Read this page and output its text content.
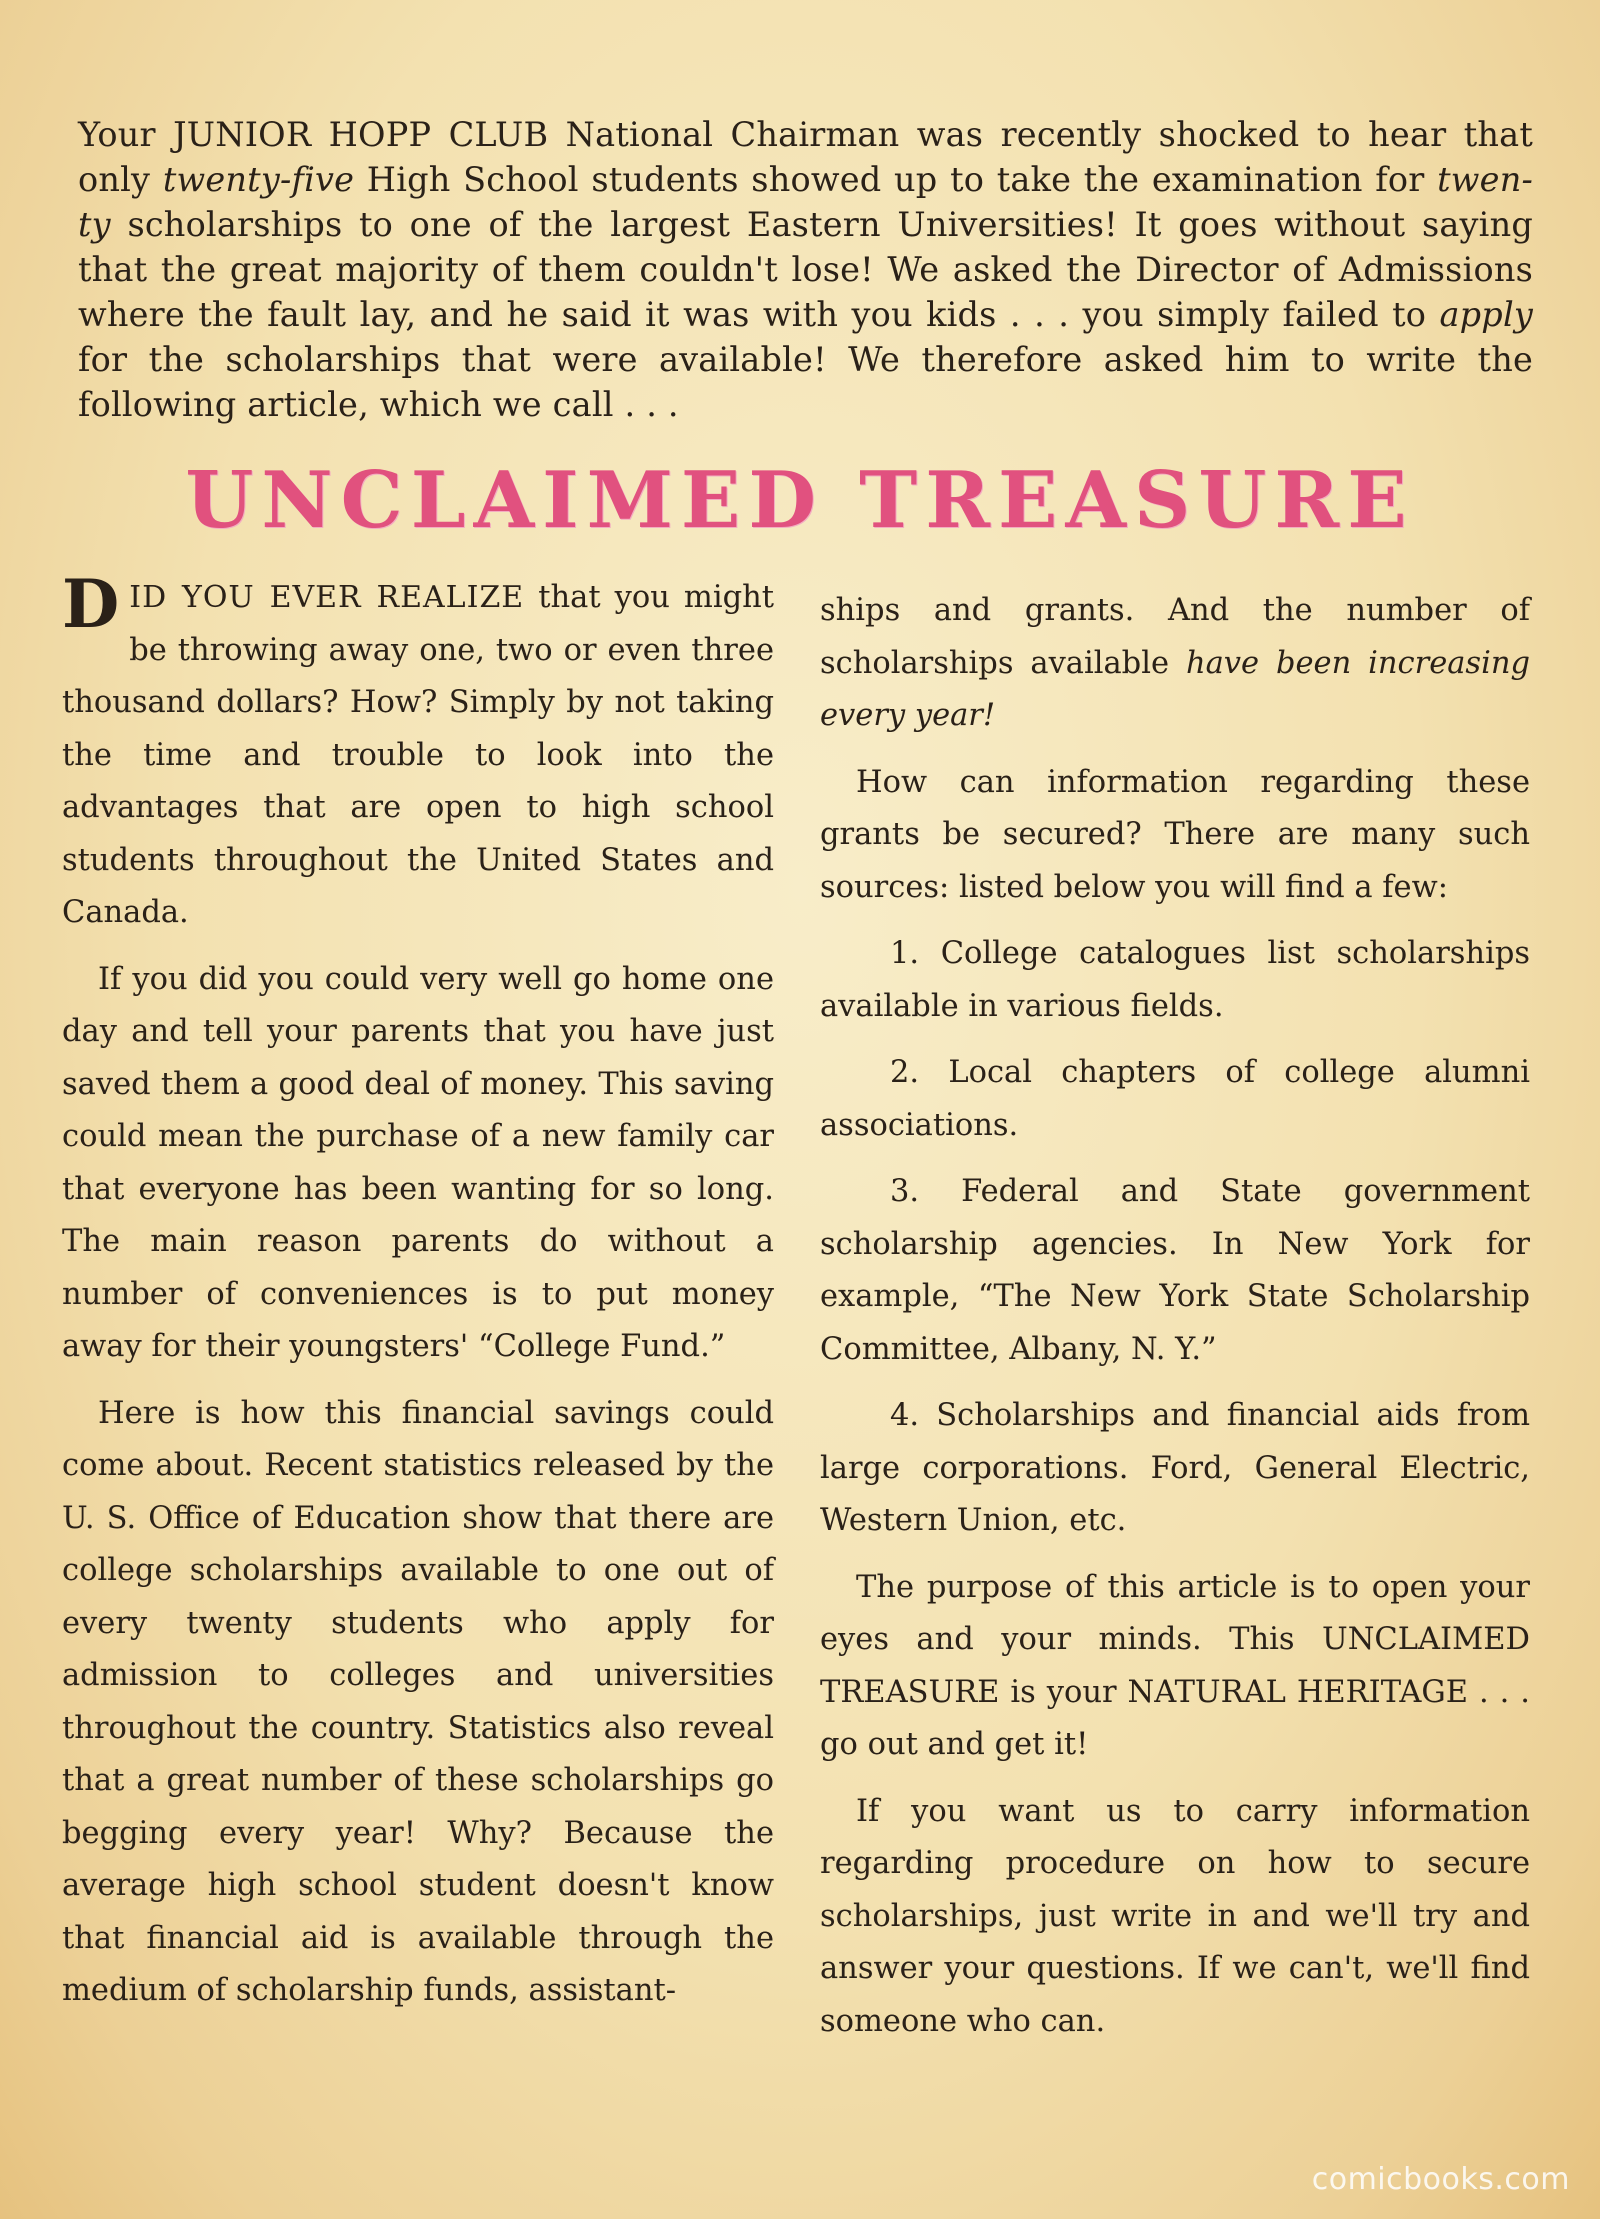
Your JUNIOR HOPP CLUB National Chairman was recently shocked to hear that only twenty-five High School students showed up to take the examination for twen-ty scholarships to one of the largest Eastern Universities! It goes without saying that the great majority of them couldn't lose! We asked the Director of Admissions where the fault lay, and he said it was with you kids . . . you simply failed to apply for the scholarships that were available! We therefore asked him to write the following article, which we call . . .
UNCLAIMED TREASURE

DID YOU EVER REALIZE that you might be throwing away one, two or even three thousand dollars? How? Simply by not taking the time and trouble to look into the advantages that are open to high school students throughout the United States and Canada.

If you did you could very well go home one day and tell your parents that you have just saved them a good deal of money. This saving could mean the purchase of a new family car that everyone has been wanting for so long. The main reason parents do without a number of conveniences is to put money away for their youngsters' “College Fund.”

Here is how this financial savings could come about. Recent statistics released by the U. S. Office of Education show that there are college scholarships available to one out of every twenty students who apply for admission to colleges and universities throughout the country. Statistics also reveal that a great number of these scholarships go begging every year! Why? Because the average high school student doesn't know that financial aid is available through the medium of scholarship funds, assistant-

ships and grants. And the number of scholarships available have been increasing every year!

How can information regarding these grants be secured? There are many such sources: listed below you will find a few:

1. College catalogues list scholarships available in various fields.

2. Local chapters of college alumni associations.

3. Federal and State government scholarship agencies. In New York for example, “The New York State Scholarship Committee, Albany, N. Y.”

4. Scholarships and financial aids from large corporations. Ford, General Electric, Western Union, etc.

The purpose of this article is to open your eyes and your minds. This UNCLAIMED TREASURE is your NATURAL HERITAGE . . . go out and get it!

If you want us to carry information regarding procedure on how to secure scholarships, just write in and we'll try and answer your questions. If we can't, we'll find someone who can.

comicbooks.com
